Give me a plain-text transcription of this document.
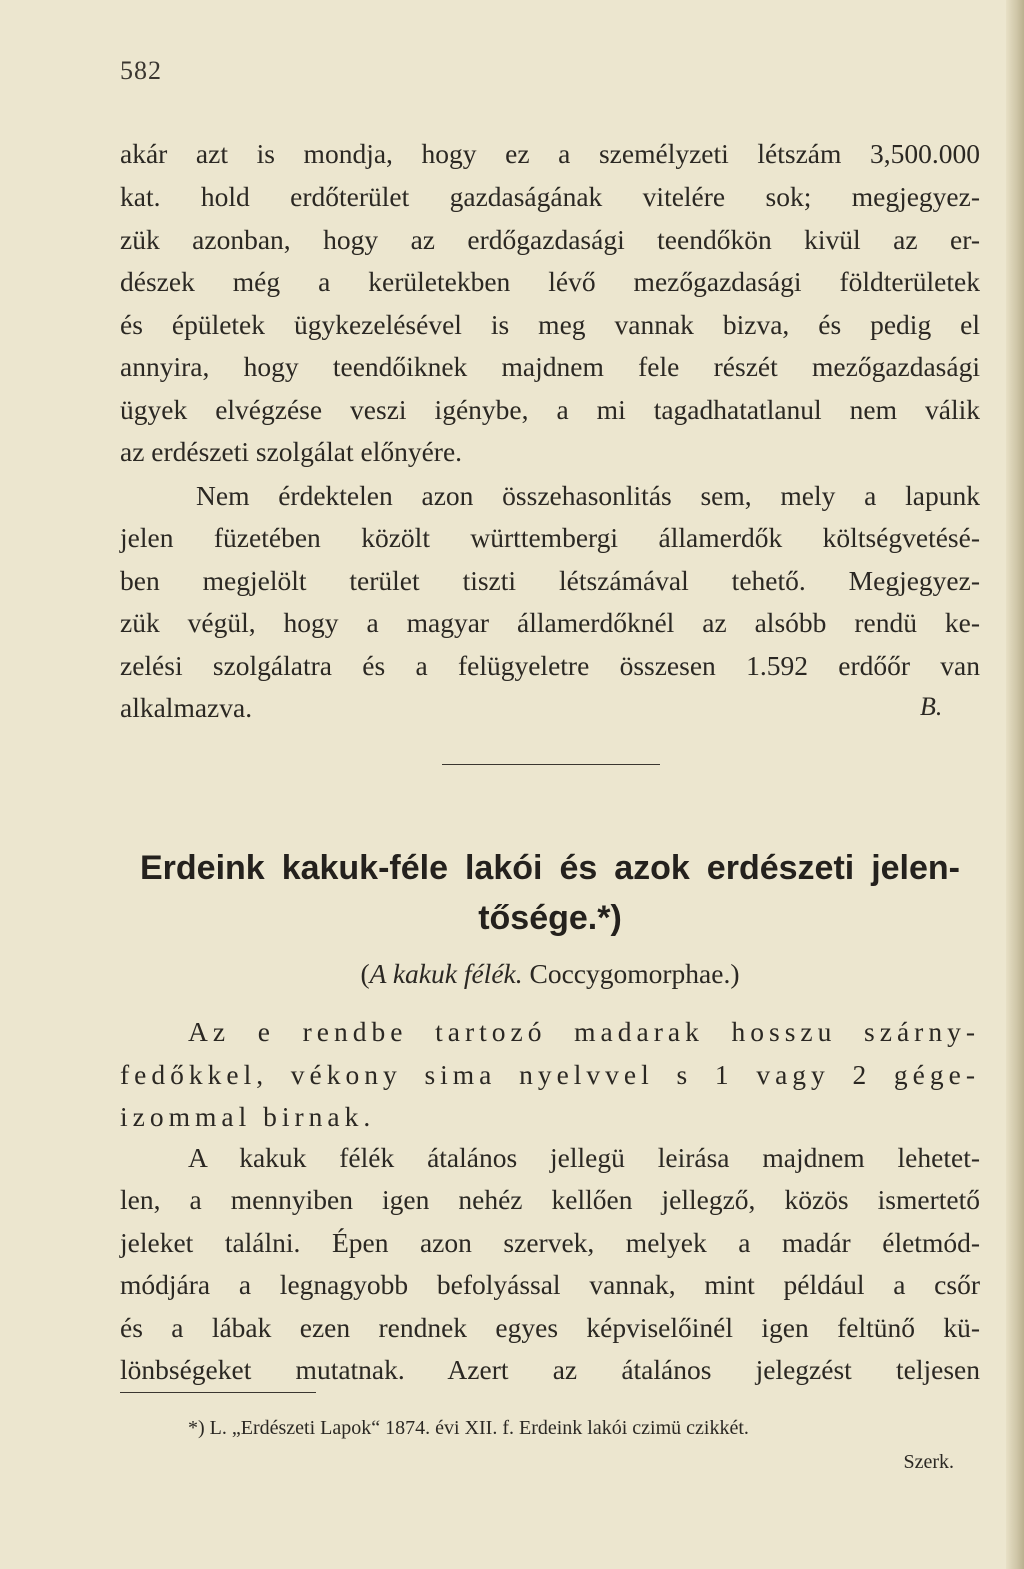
582
akár azt is mondja, hogy ez a személyzeti létszám 3,500.000
kat. hold erdőterület gazdaságának vitelére sok; megjegyez-
zük azonban, hogy az erdőgazdasági teendőkön kivül az er-
dészek még a kerületekben lévő mezőgazdasági földterületek
és épületek ügykezelésével is meg vannak bizva, és pedig el
annyira, hogy teendőiknek majdnem fele részét mezőgazdasági
ügyek elvégzése veszi igénybe, a mi tagadhatatlanul nem válik
az erdészeti szolgálat előnyére.
Nem érdektelen azon összehasonlitás sem, mely a lapunk
jelen füzetében közölt württembergi államerdők költségvetésé-
ben megjelölt terület tiszti létszámával tehető. Megjegyez-
zük végül, hogy a magyar államerdőknél az alsóbb rendü ke-
zelési szolgálatra és a felügyeletre összesen 1.592 erdőőr van
alkalmazva.	B.
Erdeink kakuk-féle lakói és azok erdészeti jelen-
tősége.*)
(A kakuk félék. Coccygomorphae.)
Az e rendbe tartozó madarak hosszu szárny-
fedőkkel, vékony sima nyelvvel s 1 vagy 2 gége-
izommal birnak.
A kakuk félék átalános jellegü leirása majdnem lehetet-
len, a mennyiben igen nehéz kellően jellegző, közös ismertető
jeleket találni. Épen azon szervek, melyek a madár életmód-
módjára a legnagyobb befolyással vannak, mint például a csőr
és a lábak ezen rendnek egyes képviselőinél igen feltünő kü-
lönbségeket mutatnak. Azert az átalános jelegzést teljesen
*) L. „Erdészeti Lapok“ 1874. évi XII. f. Erdeink lakói czimü czikkét.
Szerk.
